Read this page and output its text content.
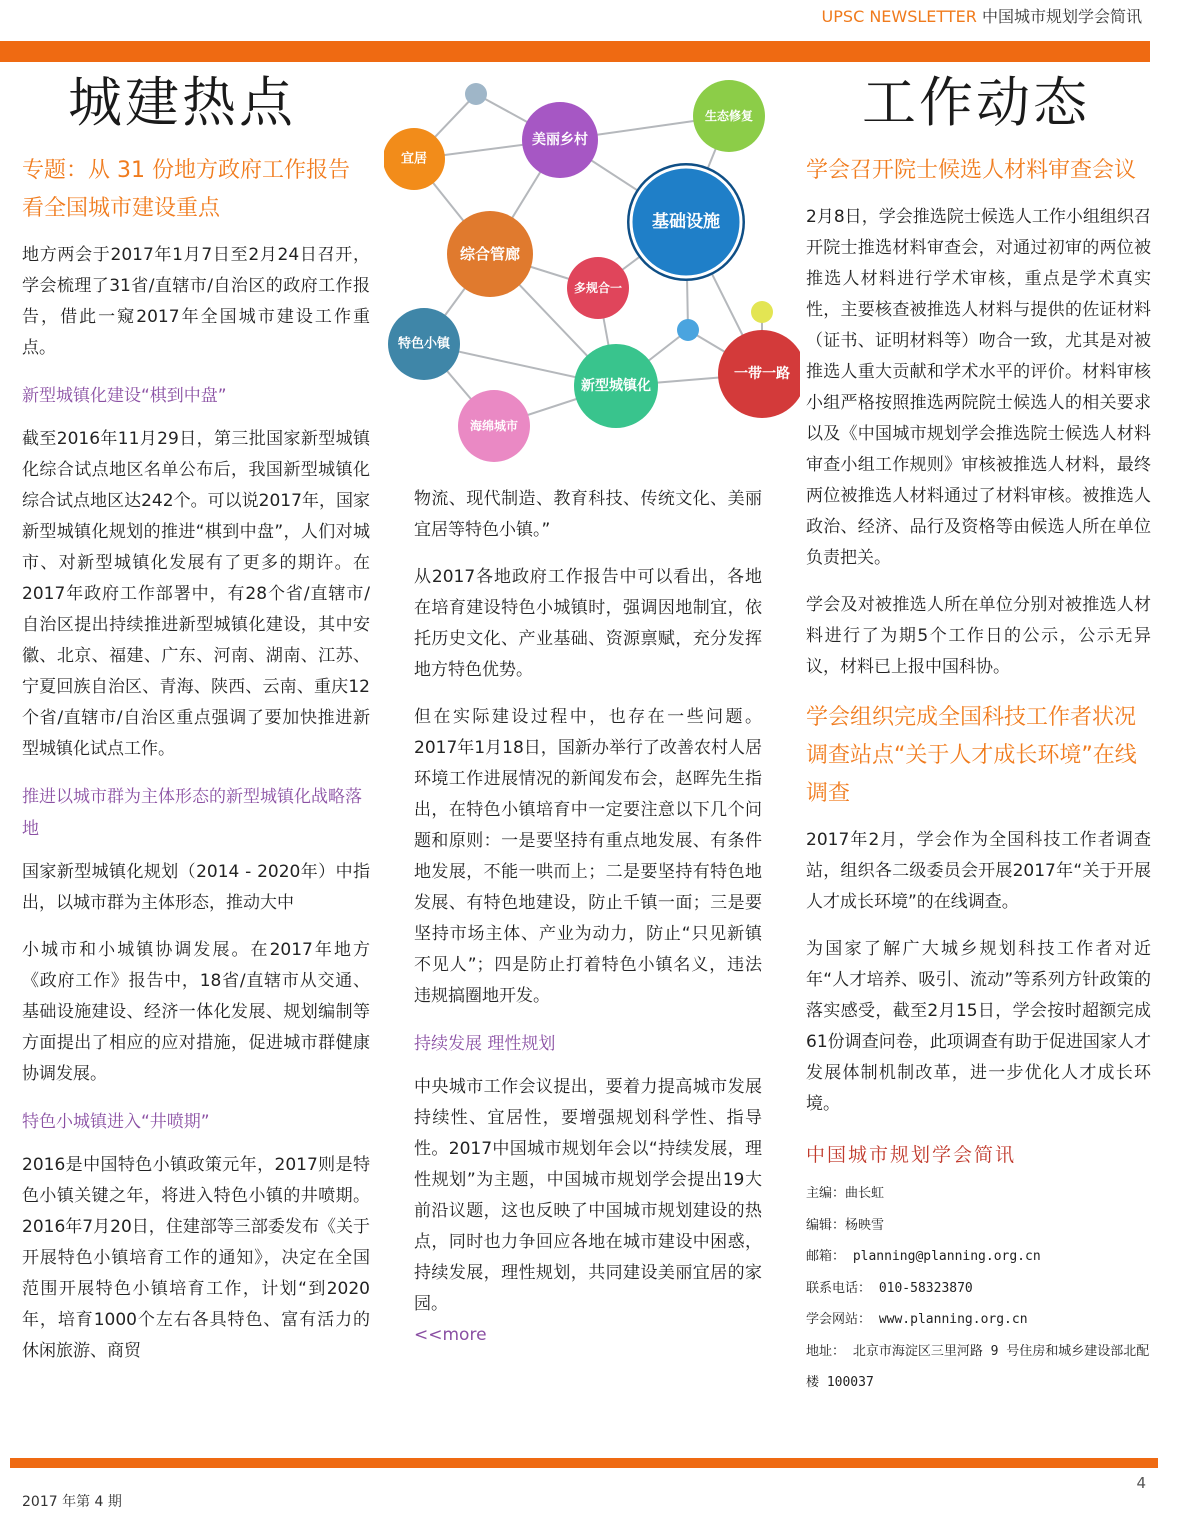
UPSC NEWSLETTER 中国城市规划学会简讯
城建热点
专题：从 31 份地方政府工作报告看全国城市建设重点

地方两会于2017年1月7日至2月24日召开，学会梳理了31省/直辖市/自治区的政府工作报告，借此一窥2017年全国城市建设工作重点。

新型城镇化建设“棋到中盘”

截至2016年11月29日，第三批国家新型城镇化综合试点地区名单公布后，我国新型城镇化综合试点地区达242个。可以说2017年，国家新型城镇化规划的推进“棋到中盘”，人们对城市、对新型城镇化发展有了更多的期许。在2017年政府工作部署中，有28个省/直辖市/自治区提出持续推进新型城镇化建设，其中安徽、北京、福建、广东、河南、湖南、江苏、宁夏回族自治区、青海、陕西、云南、重庆12个省/直辖市/自治区重点强调了要加快推进新型城镇化试点工作。

推进以城市群为主体形态的新型城镇化战略落地

国家新型城镇化规划（2014 - 2020年）中指出，以城市群为主体形态，推动大中

小城市和小城镇协调发展。在2017年地方《政府工作》报告中，18省/直辖市从交通、基础设施建设、经济一体化发展、规划编制等方面提出了相应的应对措施，促进城市群健康协调发展。

特色小城镇进入“井喷期”

2016是中国特色小镇政策元年，2017则是特色小镇关键之年，将进入特色小镇的井喷期。2016年7月20日，住建部等三部委发布《关于开展特色小镇培育工作的通知》，决定在全国范围开展特色小镇培育工作，计划“到2020年，培育1000个左右各具特色、富有活力的休闲旅游、商贸

宜居
美丽乡村
生态修复
基础设施
综合管廊
多规合一
特色小镇
新型城镇化
一带一路
海绵城市

物流、现代制造、教育科技、传统文化、美丽宜居等特色小镇。”

从2017各地政府工作报告中可以看出，各地在培育建设特色小城镇时，强调因地制宜，依托历史文化、产业基础、资源禀赋，充分发挥地方特色优势。

但在实际建设过程中，也存在一些问题。2017年1月18日，国新办举行了改善农村人居环境工作进展情况的新闻发布会，赵晖先生指出，在特色小镇培育中一定要注意以下几个问题和原则：一是要坚持有重点地发展、有条件地发展，不能一哄而上；二是要坚持有特色地发展、有特色地建设，防止千镇一面；三是要坚持市场主体、产业为动力，防止“只见新镇不见人”；四是防止打着特色小镇名义，违法违规搞圈地开发。

持续发展 理性规划

中央城市工作会议提出，要着力提高城市发展持续性、宜居性，要增强规划科学性、指导性。2017中国城市规划年会以“持续发展，理性规划”为主题，中国城市规划学会提出19大前沿议题，这也反映了中国城市规划建设的热点，同时也力争回应各地在城市建设中困惑，持续发展，理性规划，共同建设美丽宜居的家园。

<<more
工作动态
学会召开院士候选人材料审查会议

2月8日，学会推选院士候选人工作小组组织召开院士推选材料审查会，对通过初审的两位被推选人材料进行学术审核，重点是学术真实性，主要核查被推选人材料与提供的佐证材料（证书、证明材料等）吻合一致，尤其是对被推选人重大贡献和学术水平的评价。材料审核小组严格按照推选两院院士候选人的相关要求以及《中国城市规划学会推选院士候选人材料审查小组工作规则》审核被推选人材料，最终两位被推选人材料通过了材料审核。被推选人政治、经济、品行及资格等由候选人所在单位负责把关。

学会及对被推选人所在单位分别对被推选人材料进行了为期5个工作日的公示，公示无异议，材料已上报中国科协。

学会组织完成全国科技工作者状况调查站点“关于人才成长环境”在线调查

2017年2月，学会作为全国科技工作者调查站，组织各二级委员会开展2017年“关于开展人才成长环境”的在线调查。

为国家了解广大城乡规划科技工作者对近年“人才培养、吸引、流动”等系列方针政策的落实感受，截至2月15日，学会按时超额完成61份调查问卷，此项调查有助于促进国家人才发展体制机制改革，进一步优化人才成长环境。

中国城市规划学会简讯
主编：曲长虹
编辑：杨映雪
邮箱： planning@planning.org.cn
联系电话： 010-58323870
学会网站： www.planning.org.cn
地址： 北京市海淀区三里河路 9 号住房和城乡建设部北配楼 100037
2017 年第 4 期
4
